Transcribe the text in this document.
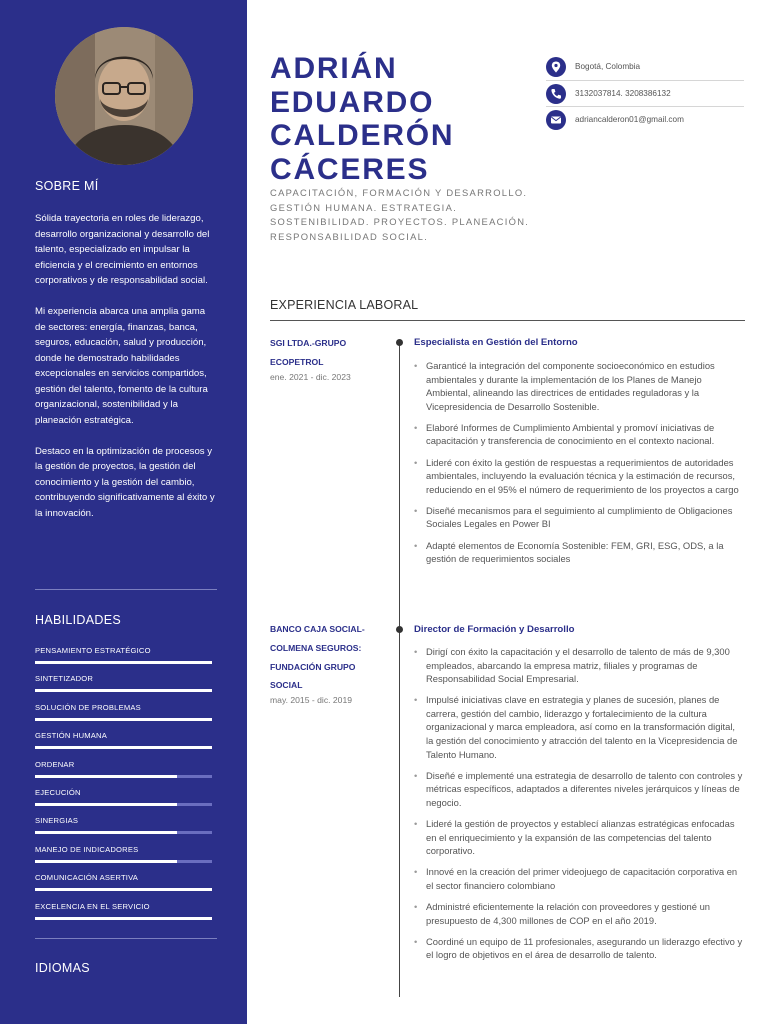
SOBRE MÍ

Sólida trayectoria en roles de liderazgo, desarrollo organizacional y desarrollo del talento, especializado en impulsar la eficiencia y el crecimiento en entornos corporativos y de responsabilidad social.

Mi experiencia abarca una amplia gama de sectores: energía, finanzas, banca, seguros, educación, salud y producción, donde he demostrado habilidades excepcionales en servicios compartidos, gestión del talento, fomento de la cultura organizacional, sostenibilidad y la planeación estratégica.

Destaco en la optimización de procesos y la gestión de proyectos, la gestión del conocimiento y la gestión del cambio, contribuyendo significativamente al éxito y la innovación.

HABILIDADES
PENSAMIENTO ESTRATÉGICO
SINTETIZADOR
SOLUCIÓN DE PROBLEMAS
GESTIÓN HUMANA
ORDENAR
EJECUCIÓN
SINERGIAS
MANEJO DE INDICADORES
COMUNICACIÓN ASERTIVA
EXCELENCIA EN EL SERVICIO
IDIOMAS
ADRIÁN
EDUARDO
CALDERÓN
CÁCERES
CAPACITACIÓN, FORMACIÓN Y DESARROLLO. GESTIÓN HUMANA. ESTRATEGIA. SOSTENIBILIDAD. PROYECTOS. PLANEACIÓN. RESPONSABILIDAD SOCIAL.
Bogotá, Colombia
3132037814. 3208386132
adriancalderon01@gmail.com
EXPERIENCIA LABORAL
SGI LTDA.-GRUPO ECOPETROL
ene. 2021 - dic. 2023
Especialista en Gestión del Entorno
• Garanticé la integración del componente socioeconómico en estudios ambientales y durante la implementación de los Planes de Manejo Ambiental, alineando las directrices de entidades reguladoras y la Vicepresidencia de Desarrollo Sostenible.
• Elaboré Informes de Cumplimiento Ambiental y promoví iniciativas de capacitación y transferencia de conocimiento en el contexto nacional.
• Lideré con éxito la gestión de respuestas a requerimientos de autoridades ambientales, incluyendo la evaluación técnica y la estimación de recursos, reduciendo en el 95% el número de requerimiento de los proyectos a cargo
• Diseñé mecanismos para el seguimiento al cumplimiento de Obligaciones Sociales Legales en Power BI
• Adapté elementos de Economía Sostenible: FEM, GRI, ESG, ODS, a la gestión de requerimientos sociales
BANCO CAJA SOCIAL- COLMENA SEGUROS: FUNDACIÓN GRUPO SOCIAL
may. 2015 - dic. 2019
Director de Formación y Desarrollo
• Dirigí con éxito la capacitación y el desarrollo de talento de más de 9,300 empleados, abarcando la empresa matriz, filiales y programas de Responsabilidad Social Empresarial.
• Impulsé iniciativas clave en estrategia y planes de sucesión, planes de carrera, gestión del cambio, liderazgo y fortalecimiento de la cultura organizacional y marca empleadora, así como en la transformación digital, la gestión del conocimiento y atracción del talento en la Vicepresidencia de Talento Humano.
• Diseñé e implementé una estrategia de desarrollo de talento con controles y métricas específicos, adaptados a diferentes niveles jerárquicos y líneas de negocio.
• Lideré la gestión de proyectos y establecí alianzas estratégicas enfocadas en el enriquecimiento y la expansión de las competencias del talento corporativo.
• Innové en la creación del primer videojuego de capacitación corporativa en el sector financiero colombiano
• Administré eficientemente la relación con proveedores y gestioné un presupuesto de 4,300 millones de COP en el año 2019.
• Coordiné un equipo de 11 profesionales, asegurando un liderazgo efectivo y el logro de objetivos en el área de desarrollo de talento.
